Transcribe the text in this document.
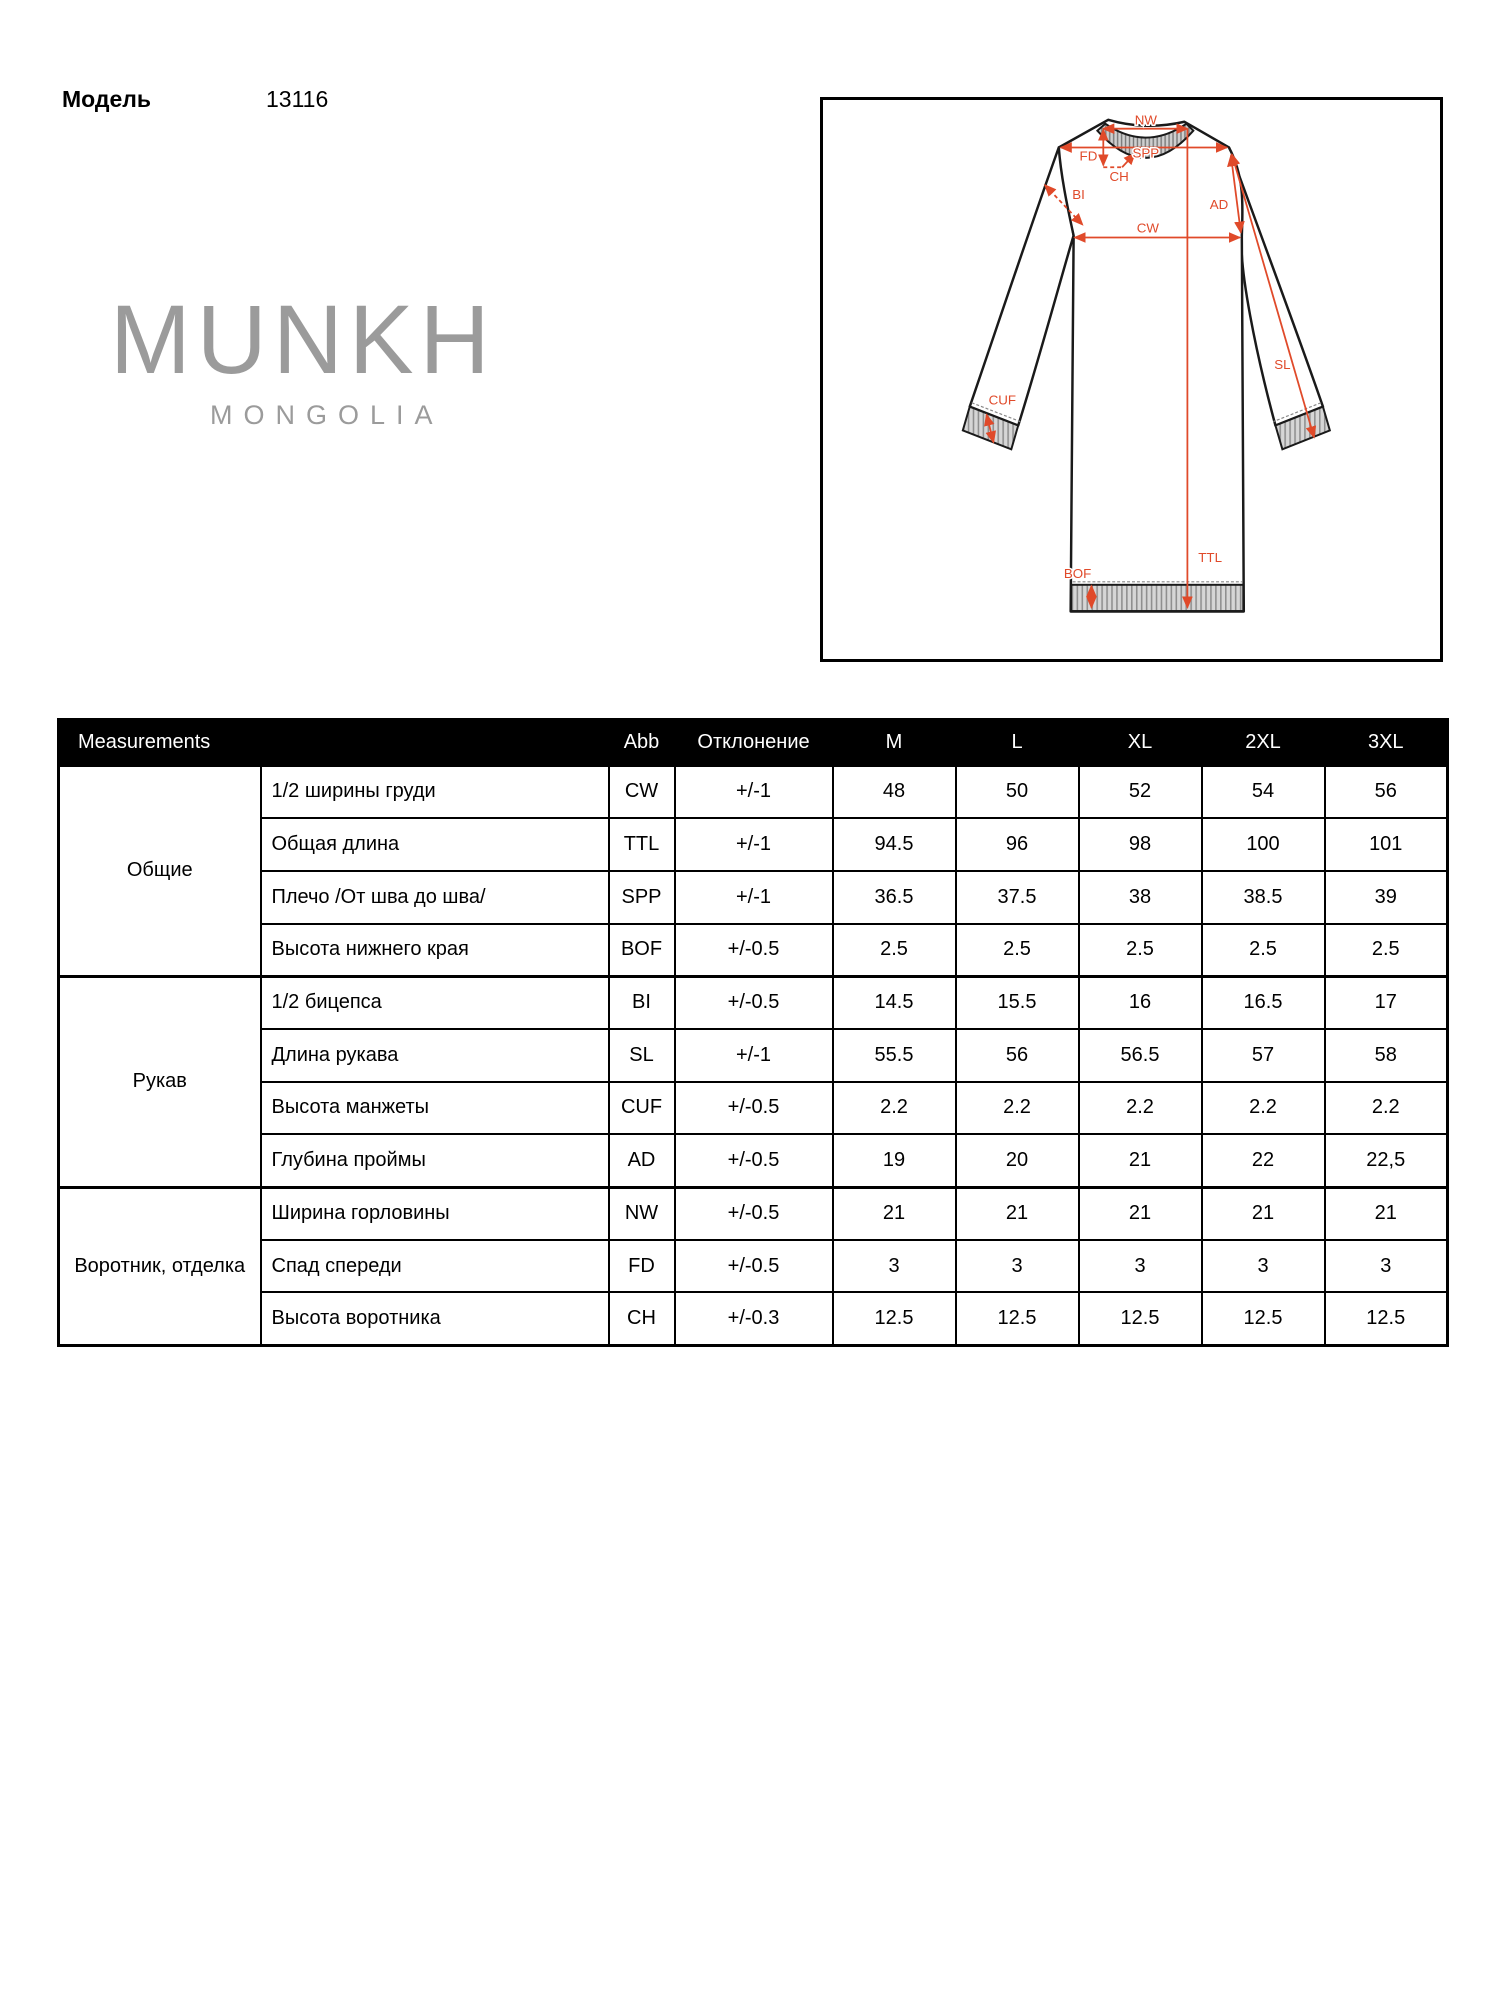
Модель	13116
MUNKH
MONGOLIA
NW
SPP
FD
CH
BI
AD
CW
SL
CUF
TTL
BOF
Measurements		Abb	Отклонение	M	L	XL	2XL	3XL
Общие	1/2 ширины груди	CW	+/-1	48	50	52	54	56
	Общая длина	TTL	+/-1	94.5	96	98	100	101
	Плечо /От шва до шва/	SPP	+/-1	36.5	37.5	38	38.5	39
	Высота нижнего края	BOF	+/-0.5	2.5	2.5	2.5	2.5	2.5
Рукав	1/2 бицепса	BI	+/-0.5	14.5	15.5	16	16.5	17
	Длина рукава	SL	+/-1	55.5	56	56.5	57	58
	Высота манжеты	CUF	+/-0.5	2.2	2.2	2.2	2.2	2.2
	Глубина проймы	AD	+/-0.5	19	20	21	22	22,5
Воротник, отделка	Ширина горловины	NW	+/-0.5	21	21	21	21	21
	Спад спереди	FD	+/-0.5	3	3	3	3	3
	Высота воротника	CH	+/-0.3	12.5	12.5	12.5	12.5	12.5
